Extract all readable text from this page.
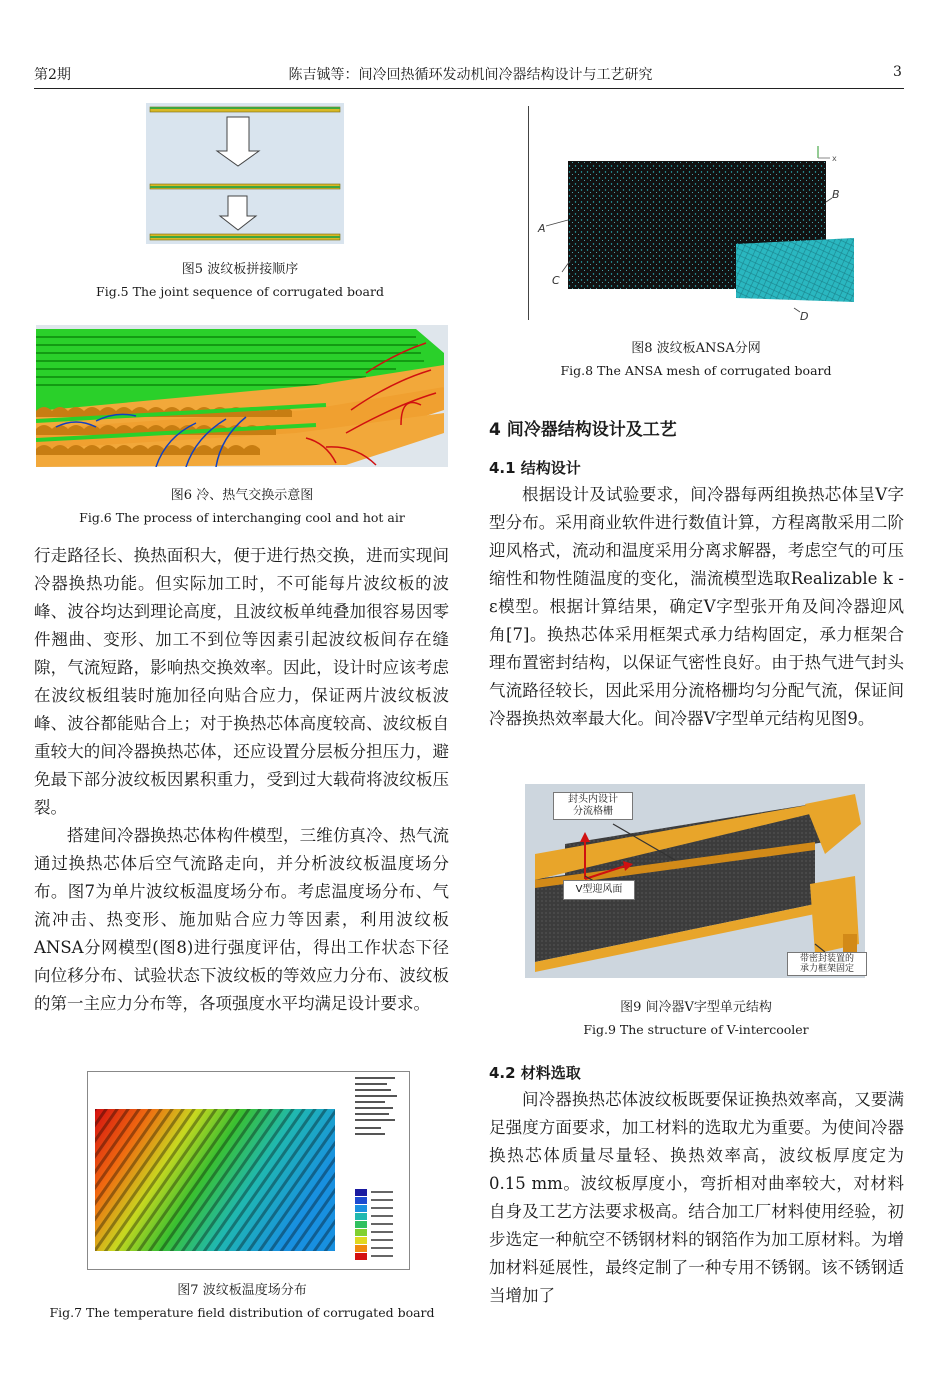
第2期	陈吉铖等：间冷回热循环发动机间冷器结构设计与工艺研究	3
图5 波纹板拼接顺序
Fig.5 The joint sequence of corrugated board
图6 冷、热气交换示意图
Fig.6 The process of interchanging cool and hot air

行走路径长、换热面积大，便于进行热交换，进而实现间冷器换热功能。但实际加工时，不可能每片波纹板的波峰、波谷均达到理论高度，且波纹板单纯叠加很容易因零件翘曲、变形、加工不到位等因素引起波纹板间存在缝隙，气流短路，影响热交换效率。因此，设计时应该考虑在波纹板组装时施加径向贴合应力，保证两片波纹板波峰、波谷都能贴合上；对于换热芯体高度较高、波纹板自重较大的间冷器换热芯体，还应设置分层板分担压力，避免最下部分波纹板因累积重力，受到过大载荷将波纹板压裂。

搭建间冷器换热芯体构件模型，三维仿真冷、热气流通过换热芯体后空气流路走向，并分析波纹板温度场分布。图7为单片波纹板温度场分布。考虑温度场分布、气流冲击、热变形、施加贴合应力等因素，利用波纹板ANSA分网模型(图8)进行强度评估，得出工作状态下径向位移分布、试验状态下波纹板的等效应力分布、波纹板的第一主应力分布等，各项强度水平均满足设计要求。

图7 波纹板温度场分布
Fig.7 The temperature field distribution of corrugated board
x
A
B
C
D
图8 波纹板ANSA分网
Fig.8 The ANSA mesh of corrugated board
4 间冷器结构设计及工艺
4.1 结构设计

根据设计及试验要求，间冷器每两组换热芯体呈V字型分布。采用商业软件进行数值计算，方程离散采用二阶迎风格式，流动和温度采用分离求解器，考虑空气的可压缩性和物性随温度的变化，湍流模型选取Realizable k - ε模型。根据计算结果，确定V字型张开角及间冷器迎风角[7]。换热芯体采用框架式承力结构固定，承力框架合理布置密封结构，以保证气密性良好。由于热气进气封头气流路径较长，因此采用分流格栅均匀分配气流，保证间冷器换热效率最大化。间冷器V字型单元结构见图9。

封头内设计
分流格栅
V型迎风面
带密封装置的
承力框架固定
图9 间冷器V字型单元结构
Fig.9 The structure of V-intercooler
4.2 材料选取

间冷器换热芯体波纹板既要保证换热效率高，又要满足强度方面要求，加工材料的选取尤为重要。为使间冷器换热芯体质量尽量轻、换热效率高，波纹板厚度定为0.15 mm。波纹板厚度小，弯折相对曲率较大，对材料自身及工艺方法要求极高。结合加工厂材料使用经验，初步选定一种航空不锈钢材料的钢箔作为加工原材料。为增加材料延展性，最终定制了一种专用不锈钢。该不锈钢适当增加了
